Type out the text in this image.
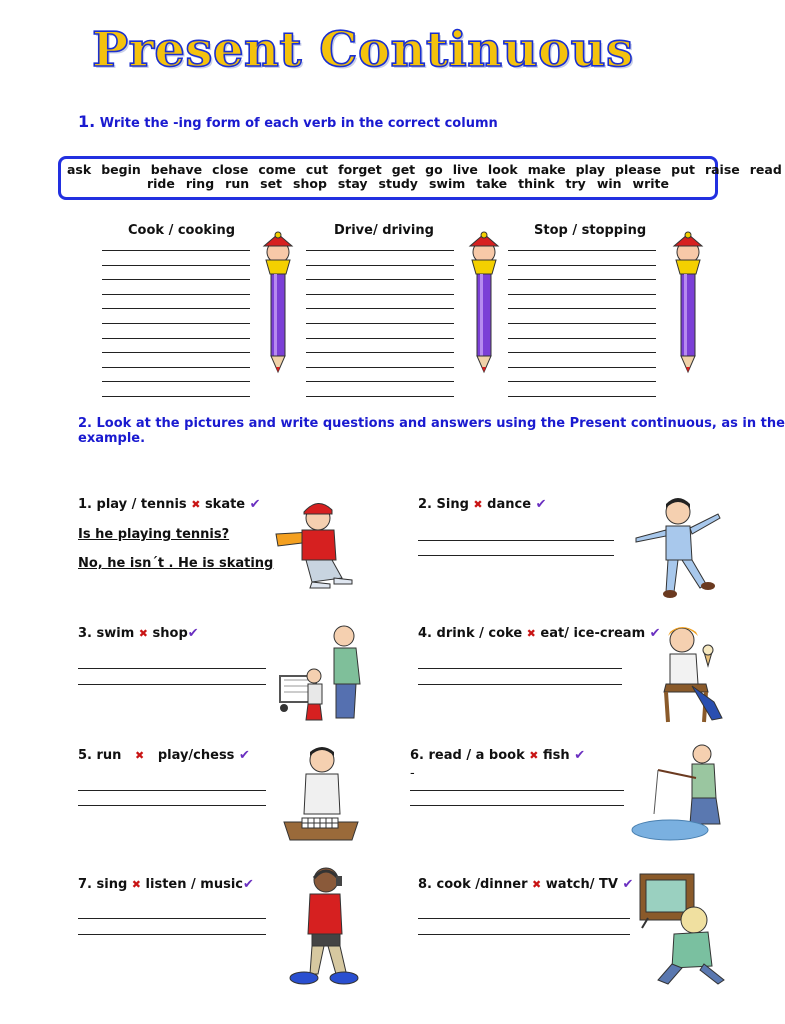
Present Continuous
1. Write the -ing form of each verb in the correct column
ask begin behave close come cut forget get go live look make play please put raise read
ride ring run set shop stay study swim take think try win write
Cook / cooking	Drive/ driving	Stop / stopping
2. Look at the pictures and write questions and answers using the Present continuous, as in the
example.
1. play / tennis ✖ skate ✔
Is he playing tennis?
No, he isn´t . He is skating
2. Sing ✖ dance ✔
3. swim ✖ shop✔	4. drink / coke ✖ eat/ ice-cream ✔
5. run ✖ play/chess ✔	6. read / a book ✖ fish ✔
-
7. sing ✖ listen / music✔	8. cook /dinner ✖ watch/ TV ✔
